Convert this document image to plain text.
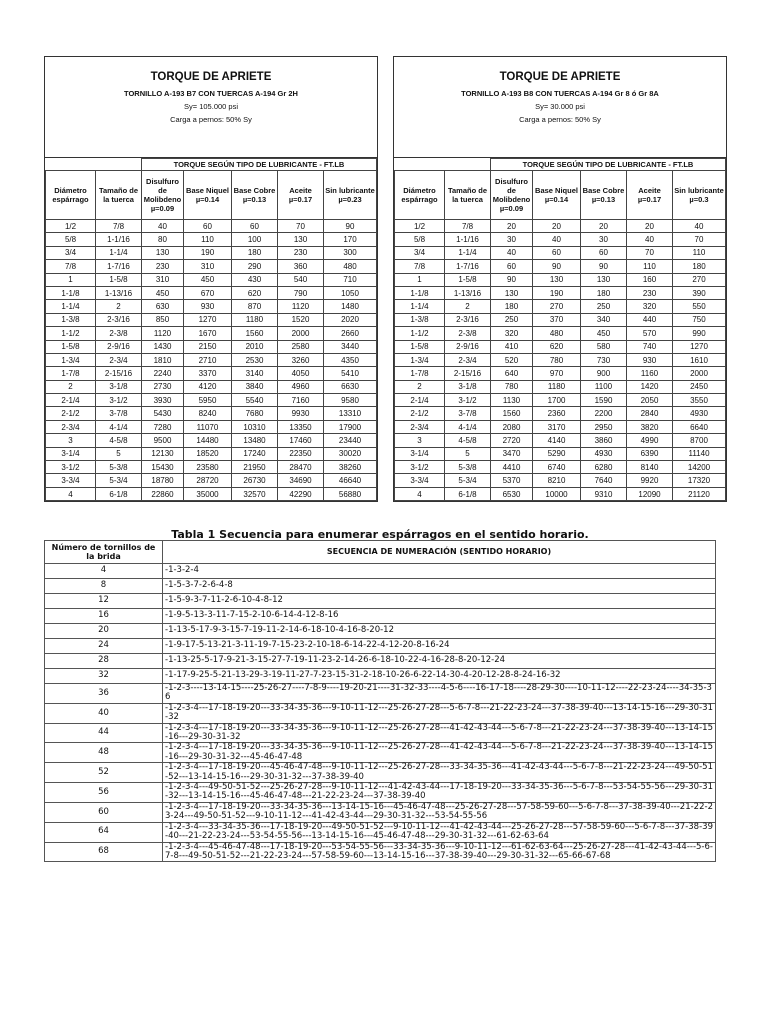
TORQUE DE APRIETE
TORNILLO A-193 B7 CON TUERCAS A-194 Gr 2H
Sy= 105.000 psi
Carga a pernos: 50% Sy
		TORQUE SEGÚN TIPO DE LUBRICANTE - FT.LB				
Diámetro espárrago	Tamaño de la tuerca	Disulfuro de Molibdeno µ=0.09	Base Niquel µ=0.14	Base Cobre µ=0.13	Aceite µ=0.17	Sin lubricante µ=0.23
1/2	7/8	40	60	60	70	90
5/8	1-1/16	80	110	100	130	170
3/4	1-1/4	130	190	180	230	300
7/8	1-7/16	230	310	290	360	480
1	1-5/8	310	450	430	540	710
1-1/8	1-13/16	450	670	620	790	1050
1-1/4	2	630	930	870	1120	1480
1-3/8	2-3/16	850	1270	1180	1520	2020
1-1/2	2-3/8	1120	1670	1560	2000	2660
1-5/8	2-9/16	1430	2150	2010	2580	3440
1-3/4	2-3/4	1810	2710	2530	3260	4350
1-7/8	2-15/16	2240	3370	3140	4050	5410
2	3-1/8	2730	4120	3840	4960	6630
2-1/4	3-1/2	3930	5950	5540	7160	9580
2-1/2	3-7/8	5430	8240	7680	9930	13310
2-3/4	4-1/4	7280	11070	10310	13350	17900
3	4-5/8	9500	14480	13480	17460	23440
3-1/4	5	12130	18520	17240	22350	30020
3-1/2	5-3/8	15430	23580	21950	28470	38260
3-3/4	5-3/4	18780	28720	26730	34690	46640
4	6-1/8	22860	35000	32570	42290	56880
TORQUE DE APRIETE
TORNILLO A-193 B8 CON TUERCAS A-194 Gr 8 ó Gr 8A
Sy= 30.000 psi
Carga a pernos: 50% Sy
		TORQUE SEGÚN TIPO DE LUBRICANTE - FT.LB				
Diámetro espárrago	Tamaño de la tuerca	Disulfuro de Molibdeno µ=0.09	Base Niquel µ=0.14	Base Cobre µ=0.13	Aceite µ=0.17	Sin lubricante µ=0.3
1/2	7/8	20	20	20	20	40
5/8	1-1/16	30	40	30	40	70
3/4	1-1/4	40	60	60	70	110
7/8	1-7/16	60	90	90	110	180
1	1-5/8	90	130	130	160	270
1-1/8	1-13/16	130	190	180	230	390
1-1/4	2	180	270	250	320	550
1-3/8	2-3/16	250	370	340	440	750
1-1/2	2-3/8	320	480	450	570	990
1-5/8	2-9/16	410	620	580	740	1270
1-3/4	2-3/4	520	780	730	930	1610
1-7/8	2-15/16	640	970	900	1160	2000
2	3-1/8	780	1180	1100	1420	2450
2-1/4	3-1/2	1130	1700	1590	2050	3550
2-1/2	3-7/8	1560	2360	2200	2840	4930
2-3/4	4-1/4	2080	3170	2950	3820	6640
3	4-5/8	2720	4140	3860	4990	8700
3-1/4	5	3470	5290	4930	6390	11140
3-1/2	5-3/8	4410	6740	6280	8140	14200
3-3/4	5-3/4	5370	8210	7640	9920	17320
4	6-1/8	6530	10000	9310	12090	21120
Tabla 1 Secuencia para enumerar espárragos en el sentido horario.
Número de tornillos de la brida	SECUENCIA DE NUMERACIÓN (SENTIDO HORARIO)
4	-1-3-2-4
8	-1-5-3-7-2-6-4-8
12	-1-5-9-3-7-11-2-6-10-4-8-12
16	-1-9-5-13-3-11-7-15-2-10-6-14-4-12-8-16
20	-1-13-5-17-9-3-15-7-19-11-2-14-6-18-10-4-16-8-20-12
24	-1-9-17-5-13-21-3-11-19-7-15-23-2-10-18-6-14-22-4-12-20-8-16-24
28	-1-13-25-5-17-9-21-3-15-27-7-19-11-23-2-14-26-6-18-10-22-4-16-28-8-20-12-24
32	-1-17-9-25-5-21-13-29-3-19-11-27-7-23-15-31-2-18-10-26-6-22-14-30-4-20-12-28-8-24-16-32
36	-1-2-3----13-14-15----25-26-27----7-8-9----19-20-21----31-32-33----4-5-6----16-17-18----28-29-30----10-11-12----22-23-24----34-35-36
40	-1-2-3-4---17-18-19-20---33-34-35-36---9-10-11-12---25-26-27-28---5-6-7-8---21-22-23-24---37-38-39-40---13-14-15-16---29-30-31-32
44	-1-2-3-4---17-18-19-20---33-34-35-36---9-10-11-12---25-26-27-28---41-42-43-44---5-6-7-8---21-22-23-24---37-38-39-40---13-14-15-16---29-30-31-32
48	-1-2-3-4---17-18-19-20---33-34-35-36---9-10-11-12---25-26-27-28---41-42-43-44---5-6-7-8---21-22-23-24---37-38-39-40---13-14-15-16---29-30-31-32---45-46-47-48
52	-1-2-3-4---17-18-19-20---45-46-47-48---9-10-11-12---25-26-27-28---33-34-35-36---41-42-43-44---5-6-7-8---21-22-23-24---49-50-51-52---13-14-15-16---29-30-31-32---37-38-39-40
56	-1-2-3-4---49-50-51-52---25-26-27-28---9-10-11-12---41-42-43-44---17-18-19-20---33-34-35-36---5-6-7-8---53-54-55-56---29-30-31-32---13-14-15-16---45-46-47-48---21-22-23-24---37-38-39-40
60	-1-2-3-4---17-18-19-20---33-34-35-36---13-14-15-16---45-46-47-48---25-26-27-28---57-58-59-60---5-6-7-8---37-38-39-40---21-22-23-24---49-50-51-52---9-10-11-12---41-42-43-44---29-30-31-32---53-54-55-56
64	-1-2-3-4---33-34-35-36---17-18-19-20---49-50-51-52---9-10-11-12---41-42-43-44---25-26-27-28---57-58-59-60---5-6-7-8---37-38-39-40---21-22-23-24---53-54-55-56---13-14-15-16---45-46-47-48---29-30-31-32---61-62-63-64
68	-1-2-3-4---45-46-47-48---17-18-19-20---53-54-55-56---33-34-35-36---9-10-11-12---61-62-63-64---25-26-27-28---41-42-43-44---5-6-7-8---49-50-51-52---21-22-23-24---57-58-59-60---13-14-15-16---37-38-39-40---29-30-31-32---65-66-67-68
